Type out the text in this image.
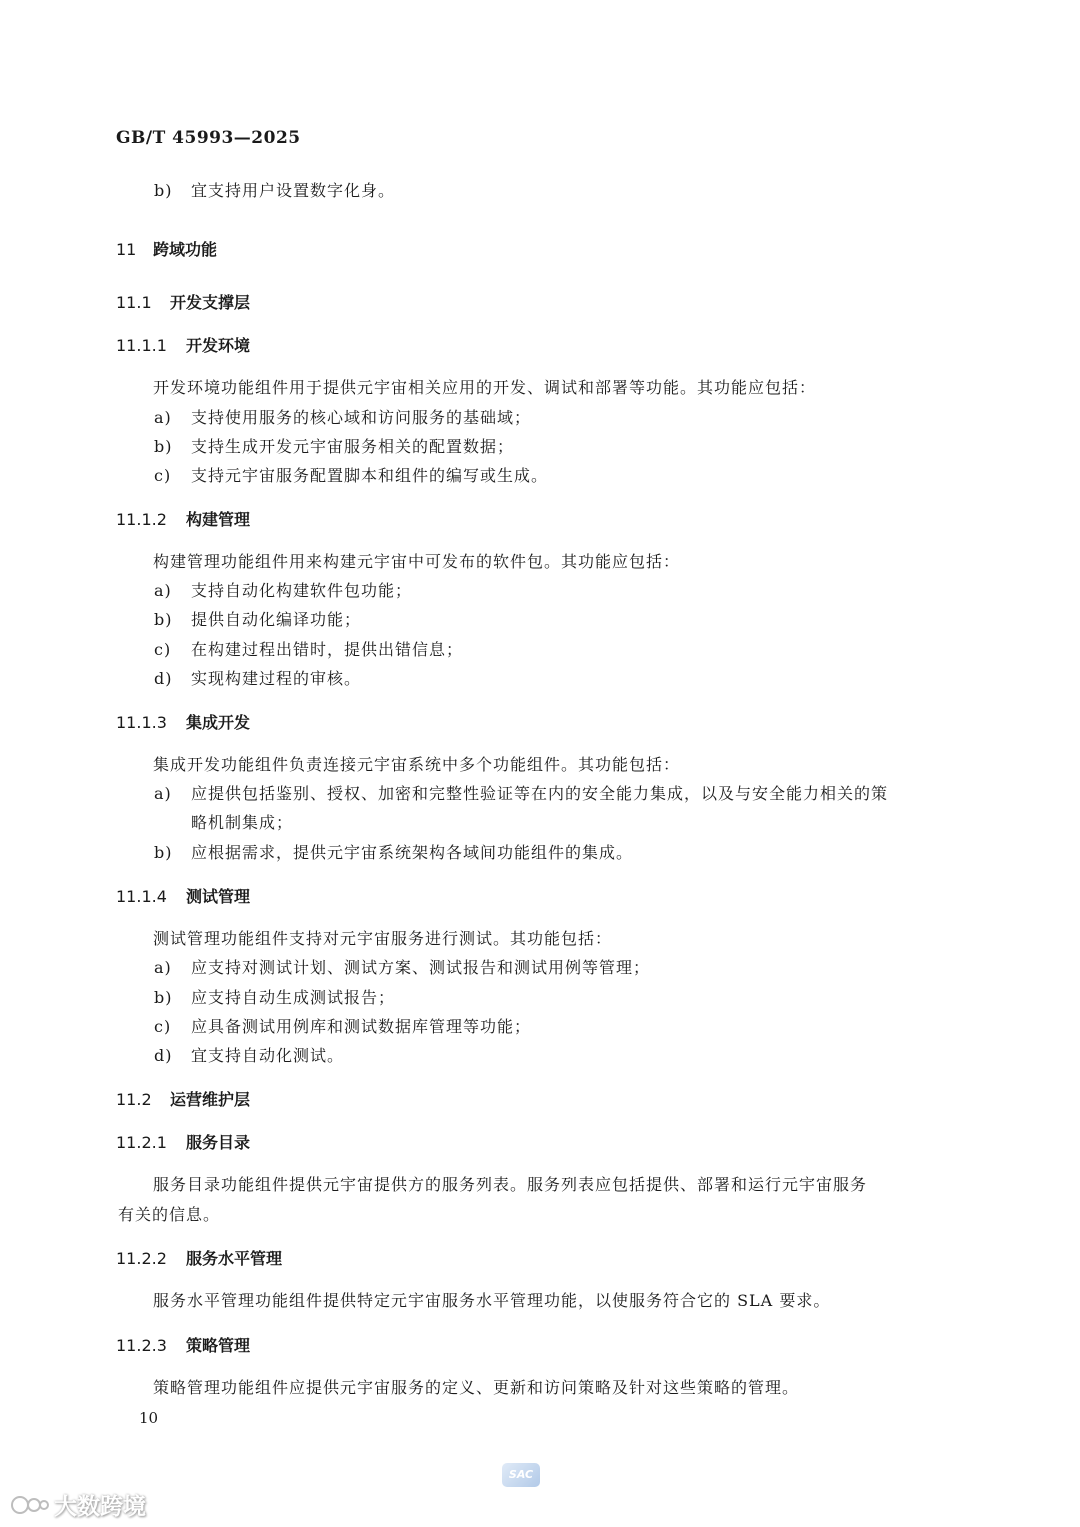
GB/T 45993—2025
b) 宜支持用户设置数字化身。
11 跨域功能
11.1 开发支撑层
11.1.1 开发环境
开发环境功能组件用于提供元宇宙相关应用的开发、调试和部署等功能。其功能应包括：
a) 支持使用服务的核心域和访问服务的基础域；
b) 支持生成开发元宇宙服务相关的配置数据；
c) 支持元宇宙服务配置脚本和组件的编写或生成。
11.1.2 构建管理
构建管理功能组件用来构建元宇宙中可发布的软件包。其功能应包括：
a) 支持自动化构建软件包功能；
b) 提供自动化编译功能；
c) 在构建过程出错时，提供出错信息；
d) 实现构建过程的审核。
11.1.3 集成开发
集成开发功能组件负责连接元宇宙系统中多个功能组件。其功能包括：
a) 应提供包括鉴别、授权、加密和完整性验证等在内的安全能力集成，以及与安全能力相关的策
略机制集成；
b) 应根据需求，提供元宇宙系统架构各域间功能组件的集成。
11.1.4 测试管理
测试管理功能组件支持对元宇宙服务进行测试。其功能包括：
a) 应支持对测试计划、测试方案、测试报告和测试用例等管理；
b) 应支持自动生成测试报告；
c) 应具备测试用例库和测试数据库管理等功能；
d) 宜支持自动化测试。
11.2 运营维护层
11.2.1 服务目录
服务目录功能组件提供元宇宙提供方的服务列表。服务列表应包括提供、部署和运行元宇宙服务
有关的信息。
11.2.2 服务水平管理
服务水平管理功能组件提供特定元宇宙服务水平管理功能，以使服务符合它的 SLA 要求。
11.2.3 策略管理
策略管理功能组件应提供元宇宙服务的定义、更新和访问策略及针对这些策略的管理。
10
SAC
大数跨境
